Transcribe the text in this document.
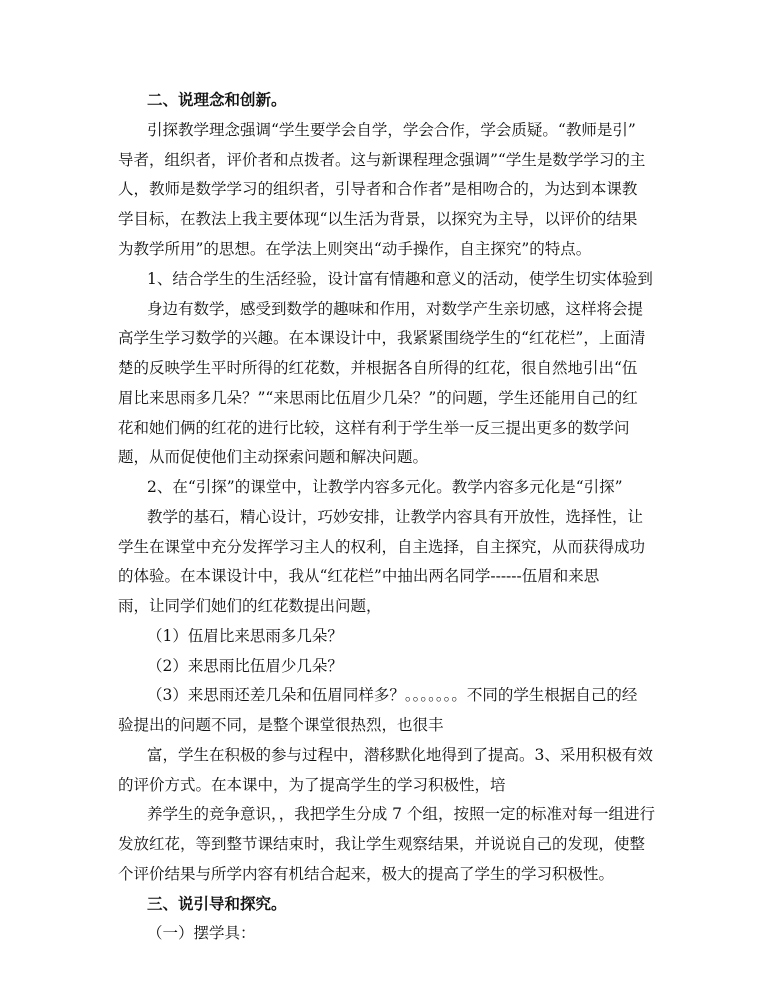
二、说理念和创新。
引探教学理念强调“学生要学会自学，学会合作，学会质疑。“教师是引”
导者，组织者，评价者和点拨者。这与新课程理念强调”“学生是数学学习的主
人，教师是数学学习的组织者，引导者和合作者”是相吻合的，为达到本课教
学目标，在教法上我主要体现“以生活为背景，以探究为主导，以评价的结果
为教学所用”的思想。在学法上则突出“动手操作，自主探究”的特点。
1、结合学生的生活经验，设计富有情趣和意义的活动，使学生切实体验到
身边有数学，感受到数学的趣味和作用，对数学产生亲切感，这样将会提
高学生学习数学的兴趣。在本课设计中，我紧紧围绕学生的“红花栏”，上面清
楚的反映学生平时所得的红花数，并根据各自所得的红花，很自然地引出“伍
眉比来思雨多几朵？”“来思雨比伍眉少几朵？”的问题，学生还能用自己的红
花和她们俩的红花的进行比较，这样有利于学生举一反三提出更多的数学问
题，从而促使他们主动探索问题和解决问题。
2、在“引探”的课堂中，让教学内容多元化。教学内容多元化是“引探”
教学的基石，精心设计，巧妙安排，让教学内容具有开放性，选择性，让
学生在课堂中充分发挥学习主人的权利，自主选择，自主探究，从而获得成功
的体验。在本课设计中，我从“红花栏”中抽出两名同学------伍眉和来思
雨，让同学们她们的红花数提出问题，
（1）伍眉比来思雨多几朵？
（2）来思雨比伍眉少几朵？
（3）来思雨还差几朵和伍眉同样多？。。。。。。。不同的学生根据自己的经
验提出的问题不同，是整个课堂很热烈，也很丰
富，学生在积极的参与过程中，潜移默化地得到了提高。3、采用积极有效
的评价方式。在本课中，为了提高学生的学习积极性，培
养学生的竞争意识，，我把学生分成 7 个组，按照一定的标准对每一组进行
发放红花，等到整节课结束时，我让学生观察结果，并说说自己的发现，使整
个评价结果与所学内容有机结合起来，极大的提高了学生的学习积极性。
三、说引导和探究。
（一）摆学具：
